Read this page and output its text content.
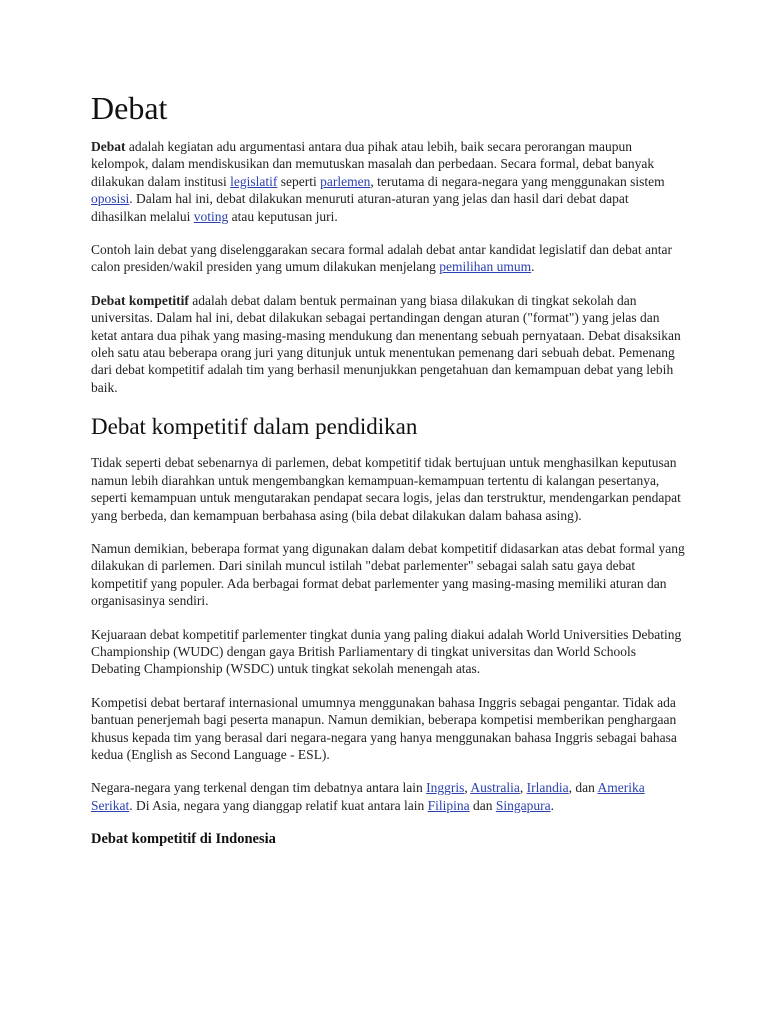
Debat

Debat adalah kegiatan adu argumentasi antara dua pihak atau lebih, baik secara perorangan maupun kelompok, dalam mendiskusikan dan memutuskan masalah dan perbedaan. Secara formal, debat banyak dilakukan dalam institusi legislatif seperti parlemen, terutama di negara-negara yang menggunakan sistem oposisi. Dalam hal ini, debat dilakukan menuruti aturan-aturan yang jelas dan hasil dari debat dapat dihasilkan melalui voting atau keputusan juri.

Contoh lain debat yang diselenggarakan secara formal adalah debat antar kandidat legislatif dan debat antar calon presiden/wakil presiden yang umum dilakukan menjelang pemilihan umum.

Debat kompetitif adalah debat dalam bentuk permainan yang biasa dilakukan di tingkat sekolah dan universitas. Dalam hal ini, debat dilakukan sebagai pertandingan dengan aturan ("format") yang jelas dan ketat antara dua pihak yang masing-masing mendukung dan menentang sebuah pernyataan. Debat disaksikan oleh satu atau beberapa orang juri yang ditunjuk untuk menentukan pemenang dari sebuah debat. Pemenang dari debat kompetitif adalah tim yang berhasil menunjukkan pengetahuan dan kemampuan debat yang lebih baik.

Debat kompetitif dalam pendidikan

Tidak seperti debat sebenarnya di parlemen, debat kompetitif tidak bertujuan untuk menghasilkan keputusan namun lebih diarahkan untuk mengembangkan kemampuan-kemampuan tertentu di kalangan pesertanya, seperti kemampuan untuk mengutarakan pendapat secara logis, jelas dan terstruktur, mendengarkan pendapat yang berbeda, dan kemampuan berbahasa asing (bila debat dilakukan dalam bahasa asing).

Namun demikian, beberapa format yang digunakan dalam debat kompetitif didasarkan atas debat formal yang dilakukan di parlemen. Dari sinilah muncul istilah "debat parlementer" sebagai salah satu gaya debat kompetitif yang populer. Ada berbagai format debat parlementer yang masing-masing memiliki aturan dan organisasinya sendiri.

Kejuaraan debat kompetitif parlementer tingkat dunia yang paling diakui adalah World Universities Debating Championship (WUDC) dengan gaya British Parliamentary di tingkat universitas dan World Schools Debating Championship (WSDC) untuk tingkat sekolah menengah atas.

Kompetisi debat bertaraf internasional umumnya menggunakan bahasa Inggris sebagai pengantar. Tidak ada bantuan penerjemah bagi peserta manapun. Namun demikian, beberapa kompetisi memberikan penghargaan khusus kepada tim yang berasal dari negara-negara yang hanya menggunakan bahasa Inggris sebagai bahasa kedua (English as Second Language - ESL).

Negara-negara yang terkenal dengan tim debatnya antara lain Inggris, Australia, Irlandia, dan Amerika Serikat. Di Asia, negara yang dianggap relatif kuat antara lain Filipina dan Singapura.

Debat kompetitif di Indonesia
